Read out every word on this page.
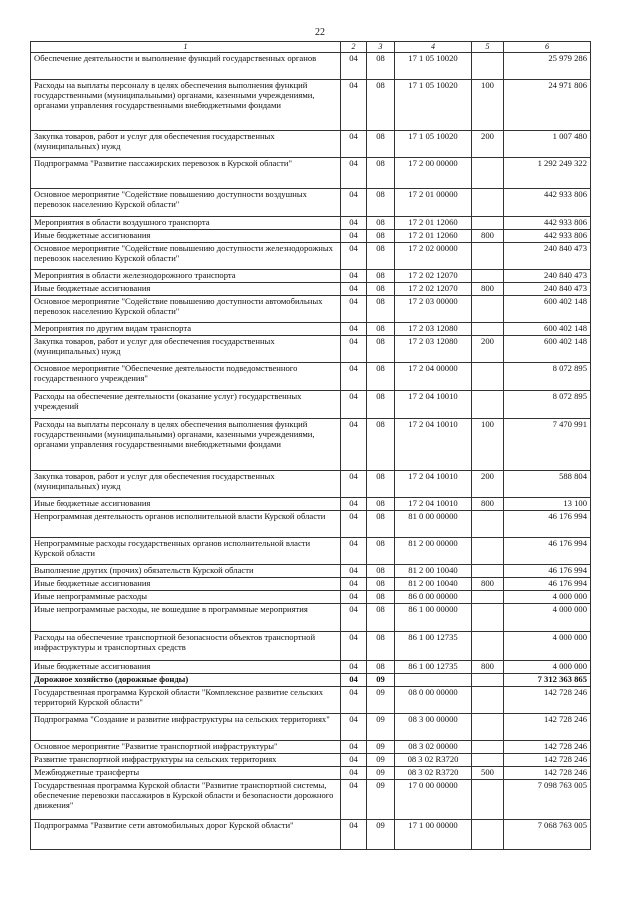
22
1	2	3	4	5	6
Обеспечение деятельности и выполнение функций государственных органов	04	08	17 1 05 10020		25 979 286
Расходы на выплаты персоналу в целях обеспечения выполнения функций государственными (муниципальными) органами, казенными учреждениями, органами управления государственными внебюджетными фондами	04	08	17 1 05 10020	100	24 971 806
Закупка товаров, работ и услуг для обеспечения государственных (муниципальных) нужд	04	08	17 1 05 10020	200	1 007 480
Подпрограмма "Развитие пассажирских перевозок в Курской области"	04	08	17 2 00 00000		1 292 249 322
Основное мероприятие "Содействие повышению доступности воздушных перевозок населению Курской области"	04	08	17 2 01 00000		442 933 806
Мероприятия в области воздушного транспорта	04	08	17 2 01 12060		442 933 806
Иные бюджетные ассигнования	04	08	17 2 01 12060	800	442 933 806
Основное мероприятие "Содействие повышению доступности железнодорожных перевозок населению Курской области"	04	08	17 2 02 00000		240 840 473
Мероприятия в области железнодорожного транспорта	04	08	17 2 02 12070		240 840 473
Иные бюджетные ассигнования	04	08	17 2 02 12070	800	240 840 473
Основное мероприятие "Содействие повышению доступности автомобильных перевозок населению Курской области"	04	08	17 2 03 00000		600 402 148
Мероприятия по другим видам транспорта	04	08	17 2 03 12080		600 402 148
Закупка товаров, работ и услуг для обеспечения государственных (муниципальных) нужд	04	08	17 2 03 12080	200	600 402 148
Основное мероприятие "Обеспечение деятельности подведомственного государственного учреждения"	04	08	17 2 04 00000		8 072 895
Расходы на обеспечение деятельности (оказание услуг) государственных учреждений	04	08	17 2 04 10010		8 072 895
Расходы на выплаты персоналу в целях обеспечения выполнения функций государственными (муниципальными) органами, казенными учреждениями, органами управления государственными внебюджетными фондами	04	08	17 2 04 10010	100	7 470 991
Закупка товаров, работ и услуг для обеспечения государственных (муниципальных) нужд	04	08	17 2 04 10010	200	588 804
Иные бюджетные ассигнования	04	08	17 2 04 10010	800	13 100
Непрограммная деятельность органов исполнительной власти Курской области	04	08	81 0 00 00000		46 176 994
Непрограммные расходы государственных органов исполнительной власти Курской области	04	08	81 2 00 00000		46 176 994
Выполнение других (прочих) обязательств Курской области	04	08	81 2 00 10040		46 176 994
Иные бюджетные ассигнования	04	08	81 2 00 10040	800	46 176 994
Иные непрограммные расходы	04	08	86 0 00 00000		4 000 000
Иные непрограммные расходы, не вошедшие в программные мероприятия	04	08	86 1 00 00000		4 000 000
Расходы на обеспечение транспортной безопасности объектов транспортной инфраструктуры и транспортных средств	04	08	86 1 00 12735		4 000 000
Иные бюджетные ассигнования	04	08	86 1 00 12735	800	4 000 000
Дорожное хозяйство (дорожные фонды)	04	09			7 312 363 865
Государственная программа Курской области "Комплексное развитие сельских территорий Курской области"	04	09	08 0 00 00000		142 728 246
Подпрограмма "Создание и развитие инфраструктуры на сельских территориях"	04	09	08 3 00 00000		142 728 246
Основное мероприятие "Развитие транспортной инфраструктуры"	04	09	08 3 02 00000		142 728 246
Развитие транспортной инфраструктуры на сельских территориях	04	09	08 3 02 R3720		142 728 246
Межбюджетные трансферты	04	09	08 3 02 R3720	500	142 728 246
Государственная программа Курской области "Развитие транспортной системы, обеспечение перевозки пассажиров в Курской области и безопасности дорожного движения"	04	09	17 0 00 00000		7 098 763 005
Подпрограмма "Развитие сети автомобильных дорог Курской области"	04	09	17 1 00 00000		7 068 763 005
